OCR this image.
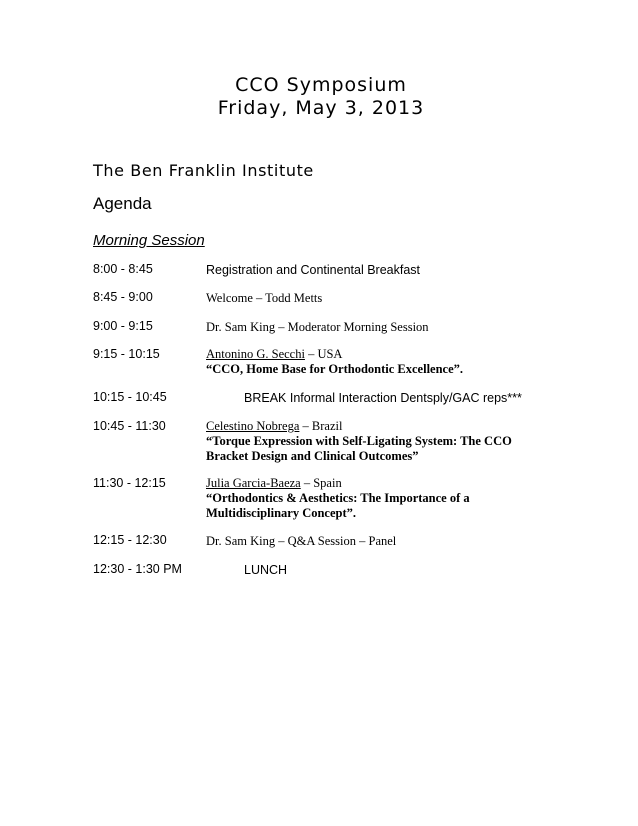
CCO Symposium
Friday, May 3, 2013
The Ben Franklin Institute
Agenda
Morning Session
8:00 - 8:45	Registration and Continental Breakfast
8:45 - 9:00	Welcome – Todd Metts
9:00 - 9:15	Dr. Sam King – Moderator Morning Session
9:15 - 10:15	Antonino G. Secchi – USA
“CCO, Home Base for Orthodontic Excellence”.
10:15 - 10:45	BREAK Informal Interaction Dentsply/GAC reps***
10:45 - 11:30	Celestino Nobrega – Brazil
“Torque Expression with Self-Ligating System: The CCO Bracket Design and Clinical Outcomes”
11:30 - 12:15	Julia Garcia-Baeza – Spain
“Orthodontics & Aesthetics: The Importance of a Multidisciplinary Concept”.
12:15 - 12:30	Dr. Sam King – Q&A Session – Panel
12:30 - 1:30 PM	LUNCH
